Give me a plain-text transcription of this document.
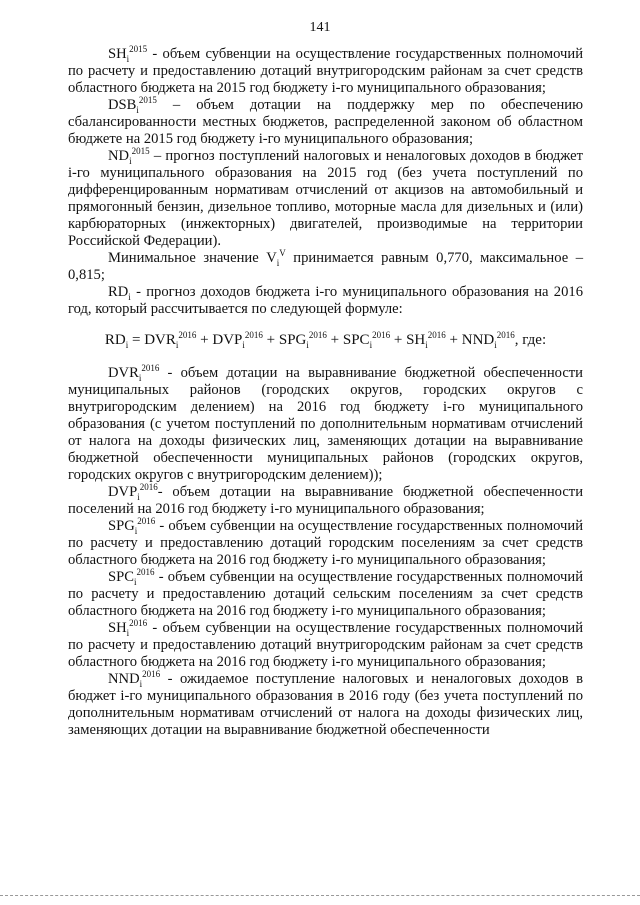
141

$SH_i^{2015}$ - объем субвенции на осуществление государственных полномочий по расчету и предоставлению дотаций внутригородским районам за счет средств областного бюджета на 2015 год бюджету i-го муниципального образования;

$DSB_i^{2015}$ – объем дотации на поддержку мер по обеспечению сбалансированности местных бюджетов, распределенной законом об областном бюджете на 2015 год бюджету i-го муниципального образования;

$ND_i^{2015}$ – прогноз поступлений налоговых и неналоговых доходов в бюджет i-го муниципального образования на 2015 год (без учета поступлений по дифференцированным нормативам отчислений от акцизов на автомобильный и прямогонный бензин, дизельное топливо, моторные масла для дизельных и (или) карбюраторных (инжекторных) двигателей, производимые на территории Российской Федерации).

Минимальное значение $V_i^V$ принимается равным 0,770, максимальное – 0,815;

$RD_i$ - прогноз доходов бюджета i-го муниципального образования на 2016 год, который рассчитывается по следующей формуле:

$RD_i = DVR_i^{2016} + DVP_i^{2016} + SPG_i^{2016} + SPC_i^{2016} + SH_i^{2016} + NND_i^{2016}$, где:

$DVR_i^{2016}$ - объем дотации на выравнивание бюджетной обеспеченности муниципальных районов (городских округов, городских округов с внутригородским делением) на 2016 год бюджету i-го муниципального образования (с учетом поступлений по дополнительным нормативам отчислений от налога на доходы физических лиц, заменяющих дотации на выравнивание бюджетной обеспеченности муниципальных районов (городских округов, городских округов с внутригородским делением));

$DVP_i^{2016}-$ объем дотации на выравнивание бюджетной обеспеченности поселений на 2016 год бюджету i-го муниципального образования;

$SPG_i^{2016}$ - объем субвенции на осуществление государственных полномочий по расчету и предоставлению дотаций городским поселениям за счет средств областного бюджета на 2016 год бюджету i-го муниципального образования;

$SPC_i^{2016}$ - объем субвенции на осуществление государственных полномочий по расчету и предоставлению дотаций сельским поселениям за счет средств областного бюджета на 2016 год бюджету i-го муниципального образования;

$SH_i^{2016}$ - объем субвенции на осуществление государственных полномочий по расчету и предоставлению дотаций внутригородским районам за счет средств областного бюджета на 2016 год бюджету i-го муниципального образования;

$NND_i^{2016}$ - ожидаемое поступление налоговых и неналоговых доходов в бюджет i-го муниципального образования в 2016 году (без учета поступлений по дополнительным нормативам отчислений от налога на доходы физических лиц, заменяющих дотации на выравнивание бюджетной обеспеченности
